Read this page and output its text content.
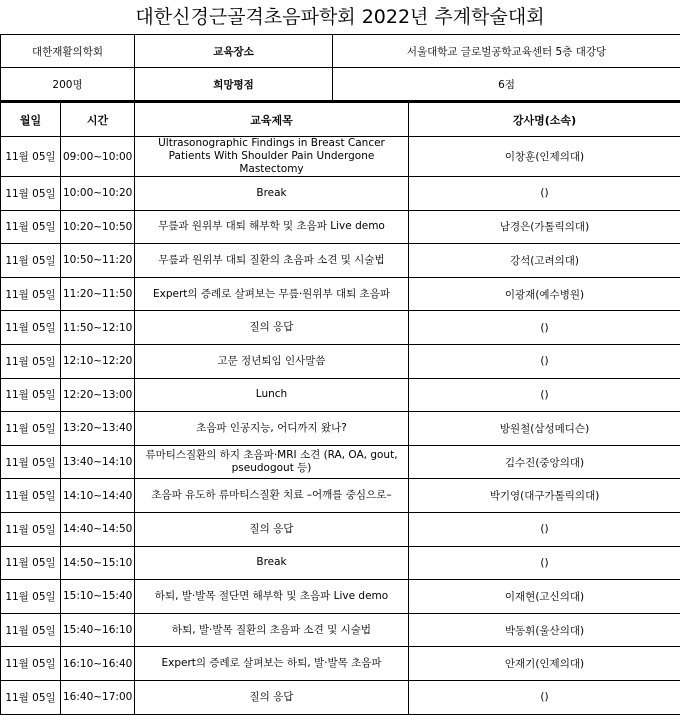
대한신경근골격초음파학회 2022년 추계학술대회
대한재활의학회	교육장소	서울대학교 글로벌공학교육센터 5층 대강당
200명	희망평점	6점
월일	시간	교육제목	강사명(소속)
11월 05일	09:00~10:00	Ultrasonographic Findings in Breast Cancer Patients With Shoulder Pain Undergone Mastectomy	이창훈(인제의대)
11월 05일	10:00~10:20	Break	()
11월 05일	10:20~10:50	무릎과 원위부 대퇴 해부학 및 초음파 Live demo	남경은(가톨릭의대)
11월 05일	10:50~11:20	무릎과 원위부 대퇴 질환의 초음파 소견 및 시술법	강석(고려의대)
11월 05일	11:20~11:50	Expert의 증례로 살펴보는 무릎·원위부 대퇴 초음파	이광재(예수병원)
11월 05일	11:50~12:10	질의 응답	()
11월 05일	12:10~12:20	고문 정년퇴임 인사말씀	()
11월 05일	12:20~13:00	Lunch	()
11월 05일	13:20~13:40	초음파 인공지능, 어디까지 왔나?	방원철(삼성메디슨)
11월 05일	13:40~14:10	류마티스질환의 하지 초음파·MRI 소견 (RA, OA, gout, pseudogout 등)	김수진(중앙의대)
11월 05일	14:10~14:40	초음파 유도하 류마티스질환 치료 –어깨를 중심으로–	박기영(대구가톨릭의대)
11월 05일	14:40~14:50	질의 응답	()
11월 05일	14:50~15:10	Break	()
11월 05일	15:10~15:40	하퇴, 발·발목 절단면 해부학 및 초음파 Live demo	이재현(고신의대)
11월 05일	15:40~16:10	하퇴, 발·발목 질환의 초음파 소견 및 시술법	박동휘(울산의대)
11월 05일	16:10~16:40	Expert의 증례로 살펴보는 하퇴, 발·발목 초음파	안재기(인제의대)
11월 05일	16:40~17:00	질의 응답	()
